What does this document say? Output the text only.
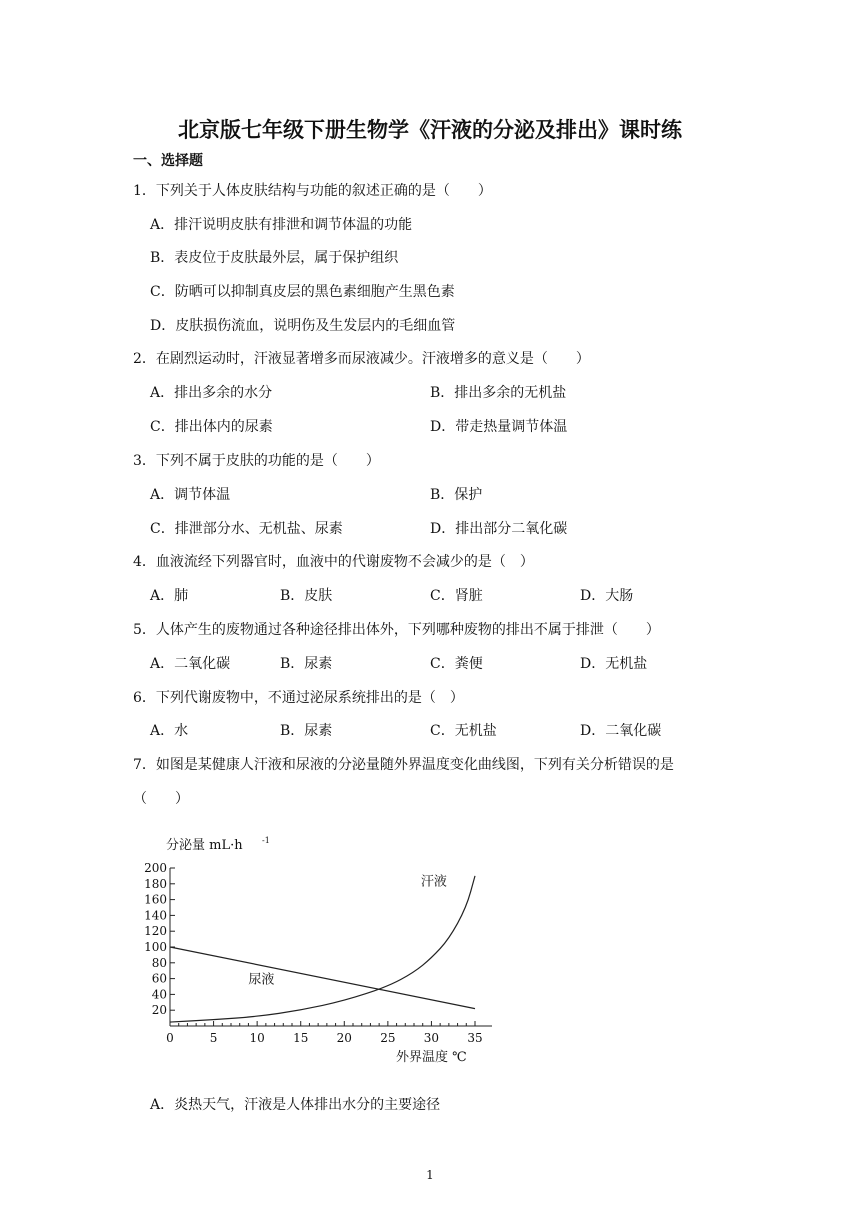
北京版七年级下册生物学《汗液的分泌及排出》课时练
一、选择题
1．下列关于人体皮肤结构与功能的叙述正确的是（　　）
A．排汗说明皮肤有排泄和调节体温的功能
B．表皮位于皮肤最外层，属于保护组织
C．防晒可以抑制真皮层的黑色素细胞产生黑色素
D．皮肤损伤流血，说明伤及生发层内的毛细血管
2．在剧烈运动时，汗液显著增多而尿液减少。汗液增多的意义是（　　）
A．排出多余的水分	B．排出多余的无机盐
C．排出体内的尿素	D．带走热量调节体温
3．下列不属于皮肤的功能的是（　　）
A．调节体温	B．保护
C．排泄部分水、无机盐、尿素	D．排出部分二氧化碳
4．血液流经下列器官时，血液中的代谢废物不会减少的是（　）
A．肺	B．皮肤	C．肾脏	D．大肠
5．人体产生的废物通过各种途径排出体外，下列哪种废物的排出不属于排泄（　　）
A．二氧化碳	B．尿素	C．粪便	D．无机盐
6．下列代谢废物中，不通过泌尿系统排出的是（　）
A．水	B．尿素	C．无机盐	D．二氧化碳
7．如图是某健康人汗液和尿液的分泌量随外界温度变化曲线图，下列有关分析错误的是
（　　）
分泌量 mL·h -1
20
40
60
80
100
120
140
160
180
200
0	5	10 15 20 25 30 35
汗液
尿液
外界温度 ℃
A．炎热天气，汗液是人体排出水分的主要途径
1
